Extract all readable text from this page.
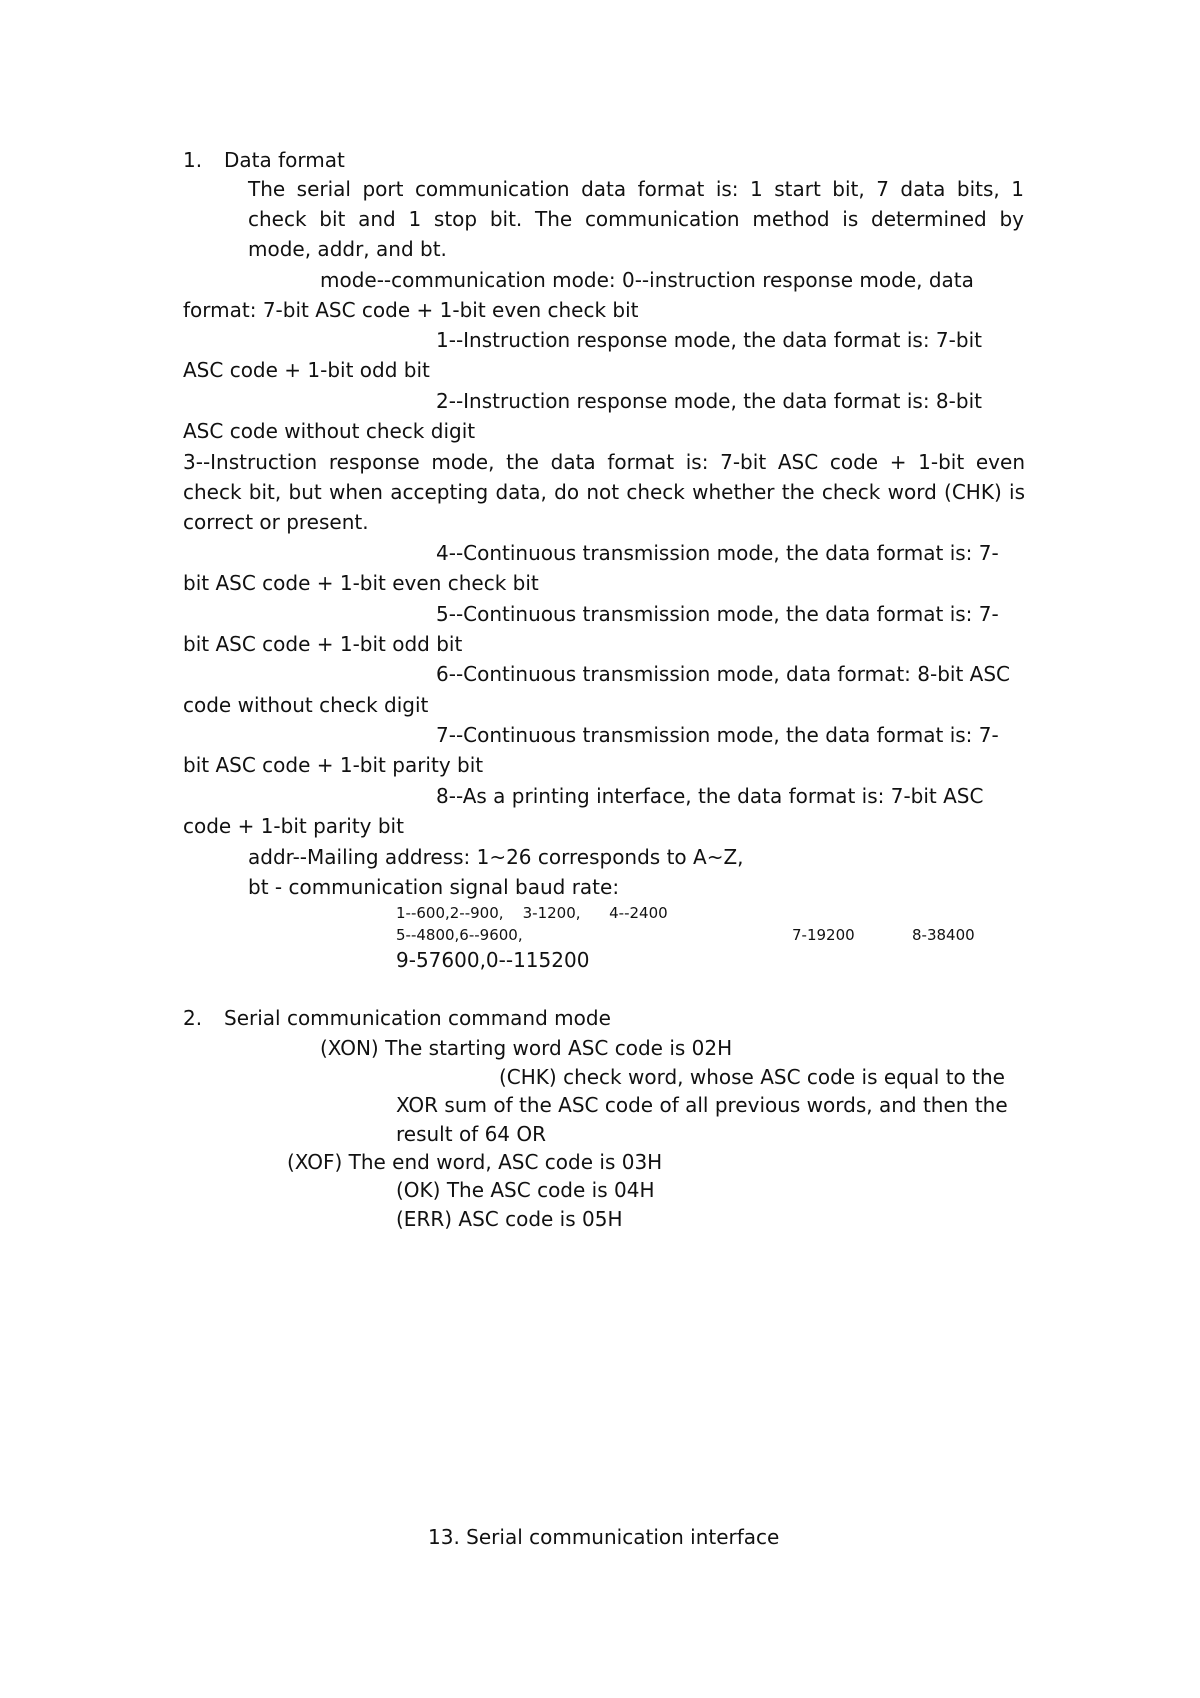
1. Data format
The serial port communication data format is: 1 start bit, 7 data bits, 1
check bit and 1 stop bit. The communication method is determined by
mode, addr, and bt.
mode--communication mode: 0--instruction response mode, data
format: 7-bit ASC code + 1-bit even check bit
1--Instruction response mode, the data format is: 7-bit
ASC code + 1-bit odd bit
2--Instruction response mode, the data format is: 8-bit
ASC code without check digit
3--Instruction response mode, the data format is: 7-bit ASC code + 1-bit even
check bit, but when accepting data, do not check whether the check word (CHK) is
correct or present.
4--Continuous transmission mode, the data format is: 7-
bit ASC code + 1-bit even check bit
5--Continuous transmission mode, the data format is: 7-
bit ASC code + 1-bit odd bit
6--Continuous transmission mode, data format: 8-bit ASC
code without check digit
7--Continuous transmission mode, the data format is: 7-
bit ASC code + 1-bit parity bit
8--As a printing interface, the data format is: 7-bit ASC
code + 1-bit parity bit
addr--Mailing address: 1~26 corresponds to A~Z,
bt - communication signal baud rate:
1--600,2--900,    3-1200,      4--2400
5--4800,6--9600,	7-19200	8-38400
9-57600,0--115200
2. Serial communication command mode
(XON) The starting word ASC code is 02H
(CHK) check word, whose ASC code is equal to the
XOR sum of the ASC code of all previous words, and then the
result of 64 OR
(XOF) The end word, ASC code is 03H
(OK) The ASC code is 04H
(ERR) ASC code is 05H
13. Serial communication interface
